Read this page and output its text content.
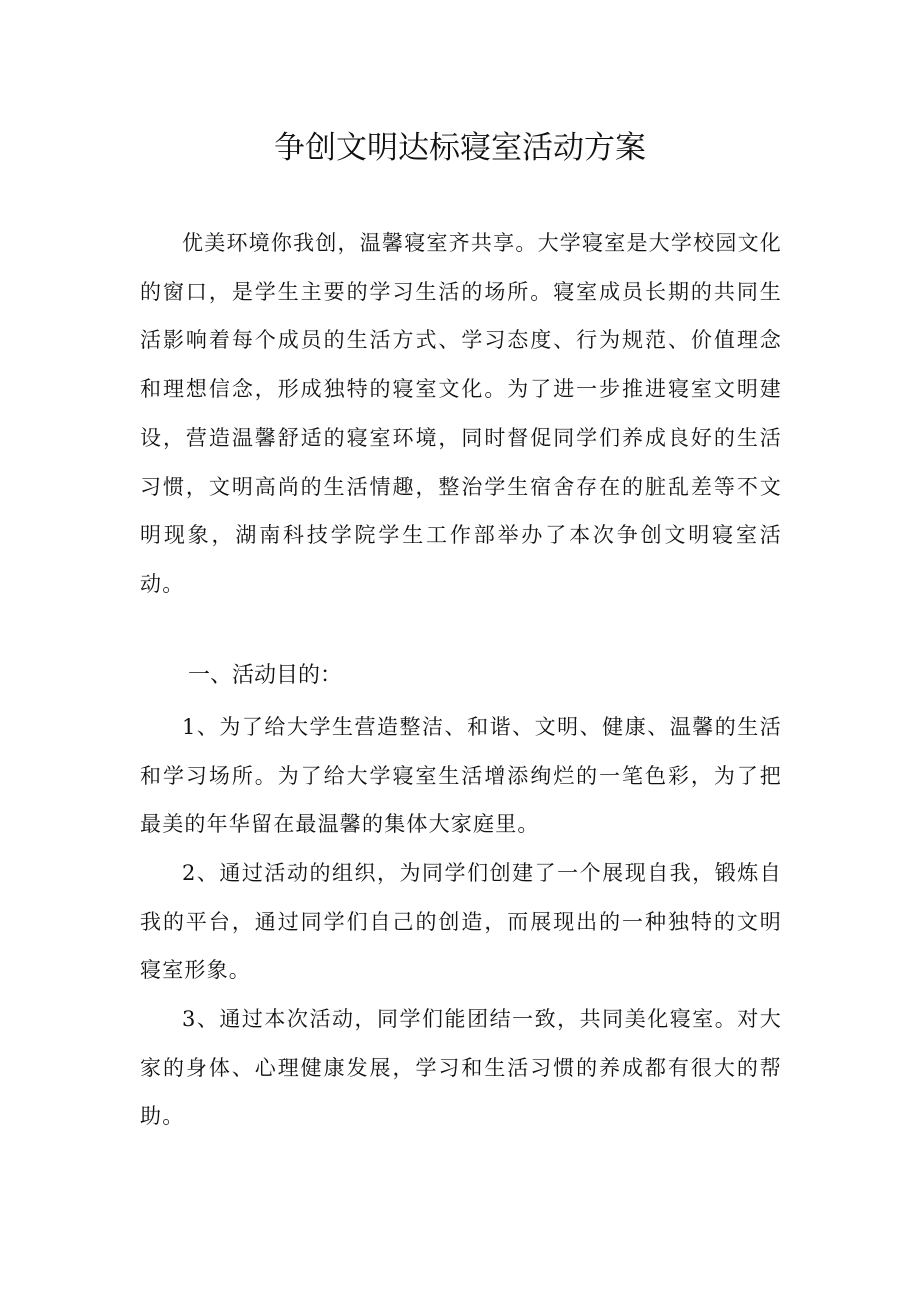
争创文明达标寝室活动方案

优美环境你我创，温馨寝室齐共享。大学寝室是大学校园文化的窗口，是学生主要的学习生活的场所。寝室成员长期的共同生活影响着每个成员的生活方式、学习态度、行为规范、价值理念和理想信念，形成独特的寝室文化。为了进一步推进寝室文明建设，营造温馨舒适的寝室环境，同时督促同学们养成良好的生活习惯，文明高尚的生活情趣，整治学生宿舍存在的脏乱差等不文明现象，湖南科技学院学生工作部举办了本次争创文明寝室活动。

一、活动目的：

1、为了给大学生营造整洁、和谐、文明、健康、温馨的生活和学习场所。为了给大学寝室生活增添绚烂的一笔色彩，为了把最美的年华留在最温馨的集体大家庭里。

2、通过活动的组织，为同学们创建了一个展现自我，锻炼自我的平台，通过同学们自己的创造，而展现出的一种独特的文明寝室形象。

3、通过本次活动，同学们能团结一致，共同美化寝室。对大家的身体、心理健康发展，学习和生活习惯的养成都有很大的帮助。
